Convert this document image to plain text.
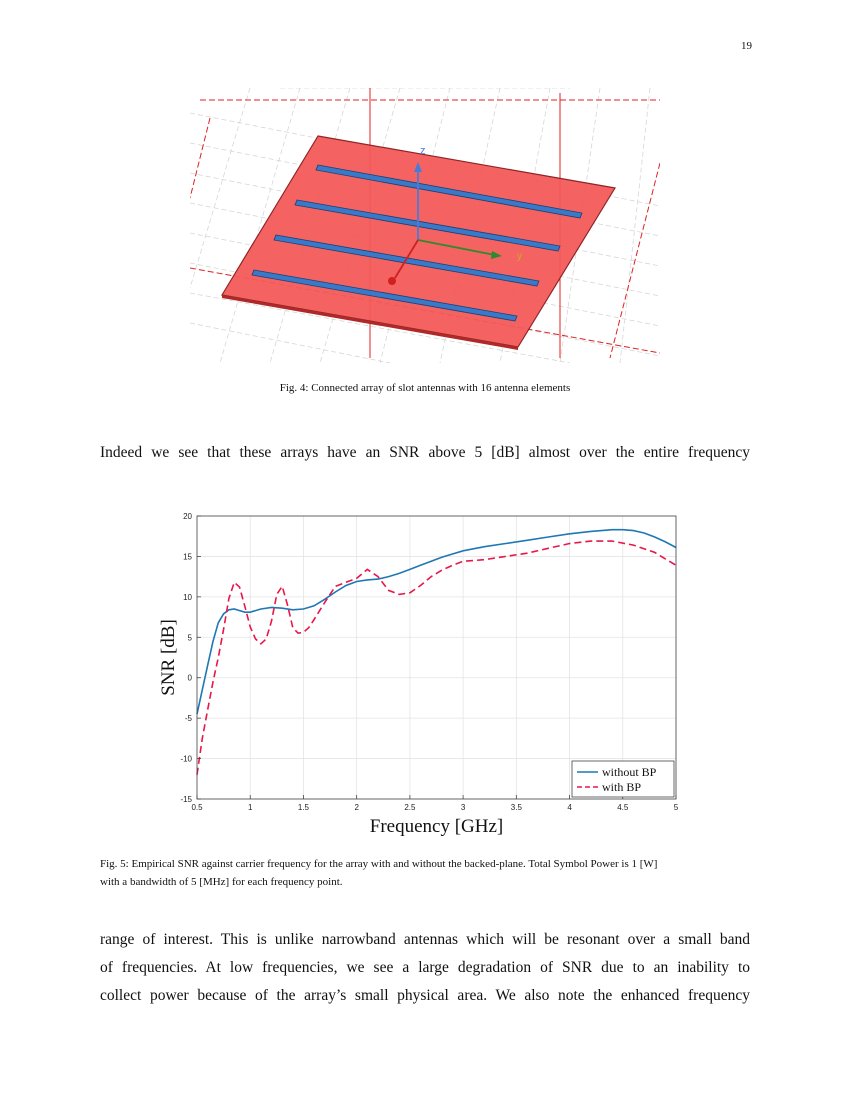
19
z
y
Fig. 4: Connected array of slot antennas with 16 antenna elements
Indeed we see that these arrays have an SNR above 5 [dB] almost over the entire frequency
0.5	1	1.5	2	2.5	3	3.5	4	4.5	5
-15
-10
-5
0
5
10
15
20
Frequency [GHz]
SNR [dB]
without BP
with BP
Fig. 5: Empirical SNR against carrier frequency for the array with and without the backed-plane. Total Symbol Power is 1 [W]
with a bandwidth of 5 [MHz] for each frequency point.
range of interest. This is unlike narrowband antennas which will be resonant over a small band
of frequencies. At low frequencies, we see a large degradation of SNR due to an inability to
collect power because of the array’s small physical area. We also note the enhanced frequency
